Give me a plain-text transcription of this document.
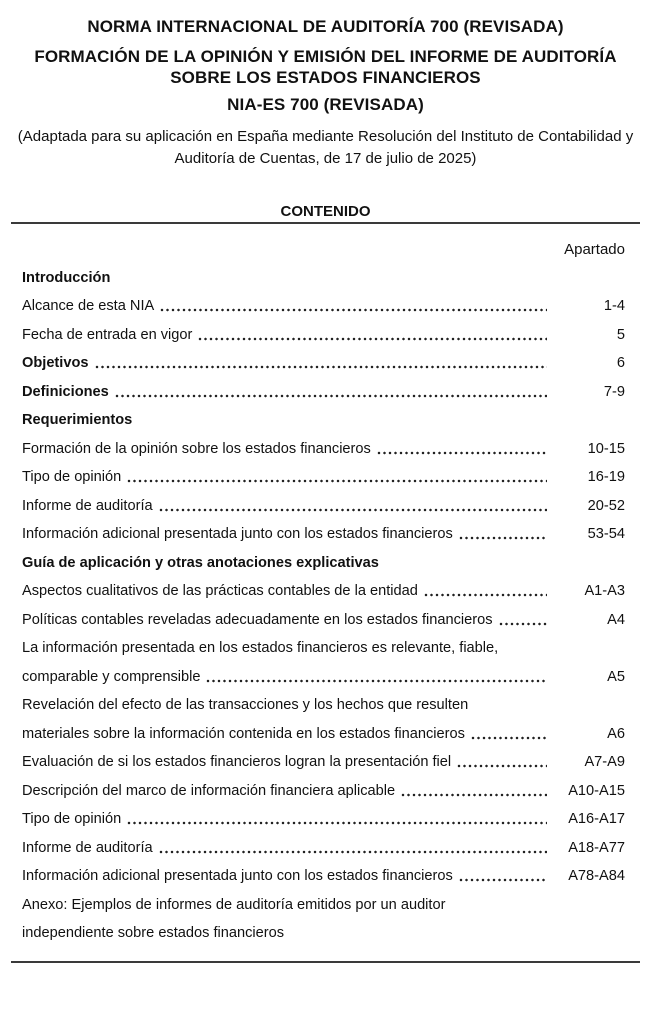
NORMA INTERNACIONAL DE AUDITORÍA 700 (REVISADA)
FORMACIÓN DE LA OPINIÓN Y EMISIÓN DEL INFORME DE AUDITORÍA
SOBRE LOS ESTADOS FINANCIEROS
NIA-ES 700 (REVISADA)
(Adaptada para su aplicación en España mediante Resolución del Instituto de Contabilidad y
Auditoría de Cuentas, de 17 de julio de 2025)
CONTENIDO
Apartado
Introducción
Alcance de esta NIA	1-4
Fecha de entrada en vigor	5
Objetivos	6
Definiciones	7-9
Requerimientos
Formación de la opinión sobre los estados financieros	10-15
Tipo de opinión	16-19
Informe de auditoría	20-52
Información adicional presentada junto con los estados financieros	53-54
Guía de aplicación y otras anotaciones explicativas
Aspectos cualitativos de las prácticas contables de la entidad	A1-A3
Políticas contables reveladas adecuadamente en los estados financieros	A4
La información presentada en los estados financieros es relevante, fiable,
comparable y comprensible	A5
Revelación del efecto de las transacciones y los hechos que resulten
materiales sobre la información contenida en los estados financieros	A6
Evaluación de si los estados financieros logran la presentación fiel	A7-A9
Descripción del marco de información financiera aplicable	A10-A15
Tipo de opinión	A16-A17
Informe de auditoría	A18-A77
Información adicional presentada junto con los estados financieros	A78-A84
Anexo: Ejemplos de informes de auditoría emitidos por un auditor
independiente sobre estados financieros
